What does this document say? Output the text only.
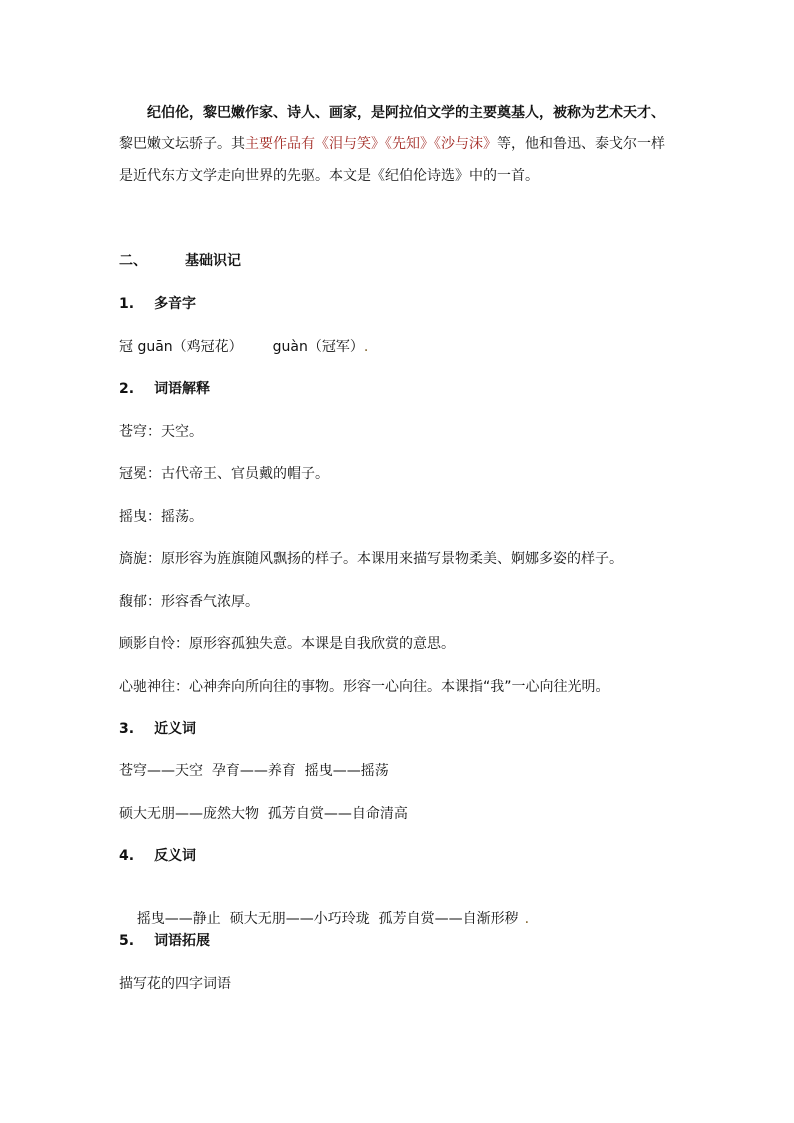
纪伯伦，黎巴嫩作家、诗人、画家，是阿拉伯文学的主要奠基人，被称为艺术天才、
黎巴嫩文坛骄子。其主要作品有《泪与笑》《先知》《沙与沫》等，他和鲁迅、泰戈尔一样
是近代东方文学走向世界的先驱。本文是《纪伯伦诗选》中的一首。
二、	基础识记
1. 多音字
冠 guān（鸡冠花） guàn（冠军）.
2. 词语解释
苍穹：天空。
冠冕：古代帝王、官员戴的帽子。
摇曳：摇荡。
旖旎：原形容为旌旗随风飘扬的样子。本课用来描写景物柔美、婀娜多姿的样子。
馥郁：形容香气浓厚。
顾影自怜：原形容孤独失意。本课是自我欣赏的意思。
心驰神往：心神奔向所向往的事物。形容一心向往。本课指“我”一心向往光明。
3. 近义词
苍穹——天空  孕育——养育  摇曳——摇荡
硕大无朋——庞然大物  孤芳自赏——自命清高
4. 反义词

摇曳——静止  硕大无朋——小巧玲珑  孤芳自赏——自渐形秽 .

5. 词语拓展
描写花的四字词语
